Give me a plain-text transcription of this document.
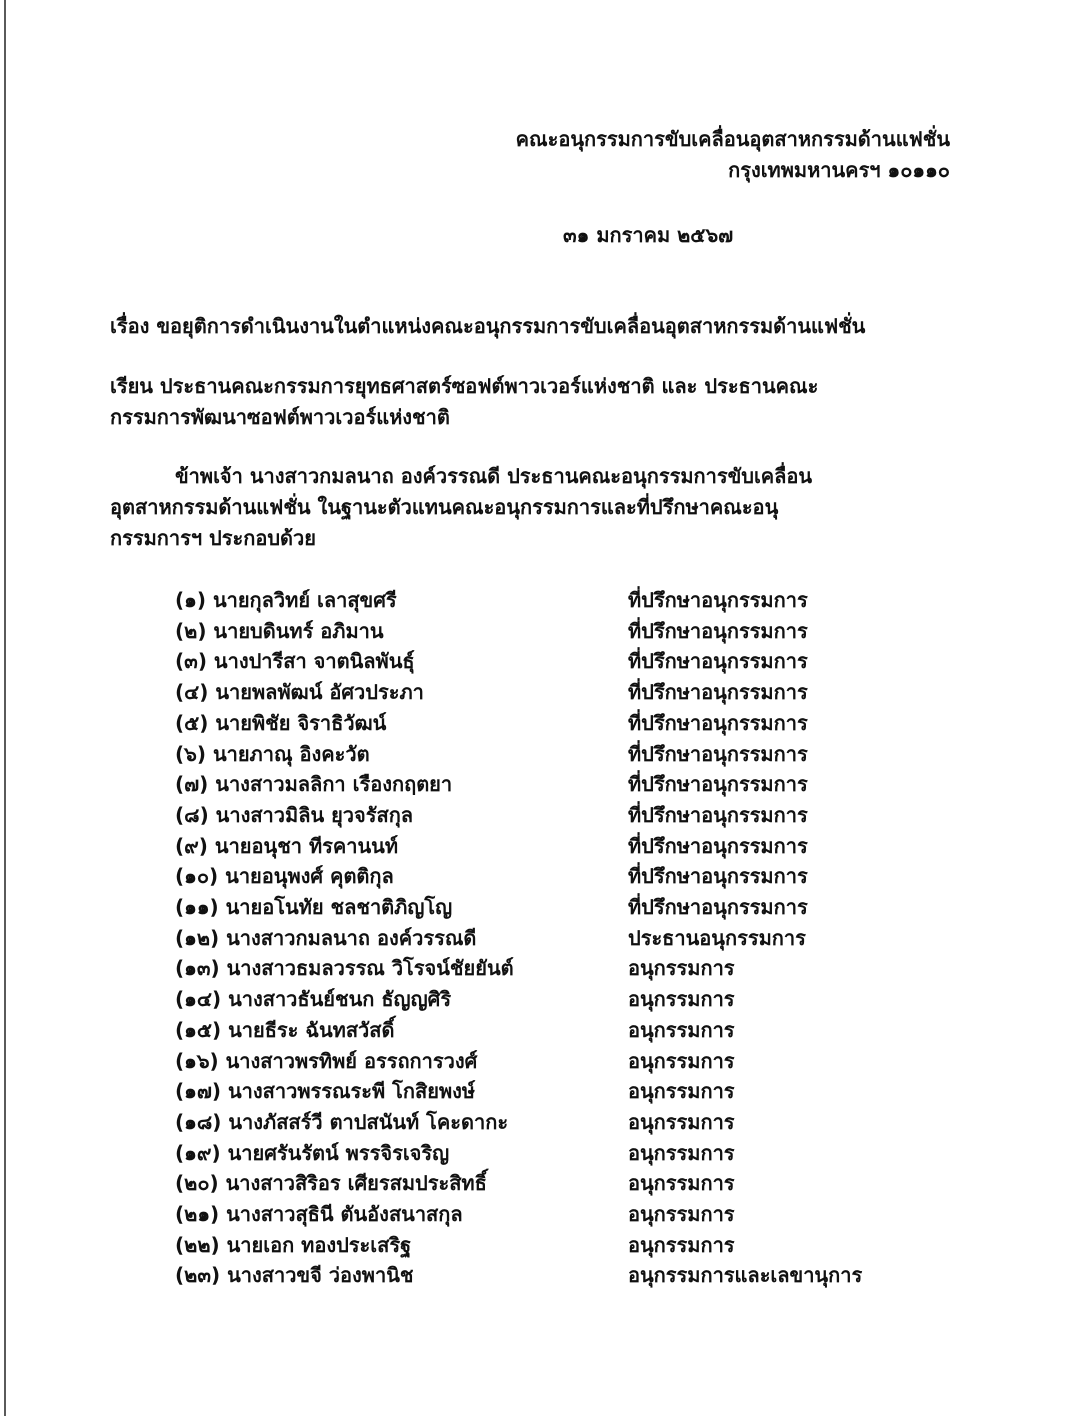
คณะอนุกรรมการขับเคลื่อนอุตสาหกรรมด้านแฟชั่น
กรุงเทพมหานครฯ ๑๐๑๑๐
๓๑ มกราคม ๒๕๖๗
เรื่อง ขอยุติการดำเนินงานในตำแหน่งคณะอนุกรรมการขับเคลื่อนอุตสาหกรรมด้านแฟชั่น
เรียน ประธานคณะกรรมการยุทธศาสตร์ซอฟต์พาวเวอร์แห่งชาติ และ ประธานคณะ
กรรมการพัฒนาซอฟต์พาวเวอร์แห่งชาติ
ข้าพเจ้า นางสาวกมลนาถ องค์วรรณดี ประธานคณะอนุกรรมการขับเคลื่อน
อุตสาหกรรมด้านแฟชั่น ในฐานะตัวแทนคณะอนุกรรมการและที่ปรึกษาคณะอนุ
กรรมการฯ ประกอบด้วย
(๑) นายกุลวิทย์ เลาสุขศรี	ที่ปรึกษาอนุกรรมการ
(๒) นายบดินทร์ อภิมาน	ที่ปรึกษาอนุกรรมการ
(๓) นางปารีสา จาตนิลพันธุ์	ที่ปรึกษาอนุกรรมการ
(๔) นายพลพัฒน์ อัศวประภา	ที่ปรึกษาอนุกรรมการ
(๕) นายพิชัย จิราธิวัฒน์	ที่ปรึกษาอนุกรรมการ
(๖) นายภาณุ อิงคะวัต	ที่ปรึกษาอนุกรรมการ
(๗) นางสาวมลลิกา เรืองกฤตยา	ที่ปรึกษาอนุกรรมการ
(๘) นางสาวมิลิน ยุวจรัสกุล	ที่ปรึกษาอนุกรรมการ
(๙) นายอนุชา ทีรคานนท์	ที่ปรึกษาอนุกรรมการ
(๑๐) นายอนุพงศ์ คุตติกุล	ที่ปรึกษาอนุกรรมการ
(๑๑) นายอโนทัย ชลชาติภิญโญ	ที่ปรึกษาอนุกรรมการ
(๑๒) นางสาวกมลนาถ องค์วรรณดี	ประธานอนุกรรมการ
(๑๓) นางสาวธมลวรรณ วิโรจน์ชัยยันต์	อนุกรรมการ
(๑๔) นางสาวธันย์ชนก ธัญญศิริ	อนุกรรมการ
(๑๕) นายธีระ ฉันทสวัสดิ์	อนุกรรมการ
(๑๖) นางสาวพรทิพย์ อรรถการวงศ์	อนุกรรมการ
(๑๗) นางสาวพรรณระพี โกสิยพงษ์	อนุกรรมการ
(๑๘) นางภัสสร์วี ตาปสนันท์ โคะดากะ	อนุกรรมการ
(๑๙) นายศรันรัตน์ พรรจิรเจริญ	อนุกรรมการ
(๒๐) นางสาวสิริอร เศียรสมประสิทธิ์	อนุกรรมการ
(๒๑) นางสาวสุธินี ตันอังสนาสกุล	อนุกรรมการ
(๒๒) นายเอก ทองประเสริฐ	อนุกรรมการ
(๒๓) นางสาวขจี ว่องพานิช	อนุกรรมการและเลขานุการ
